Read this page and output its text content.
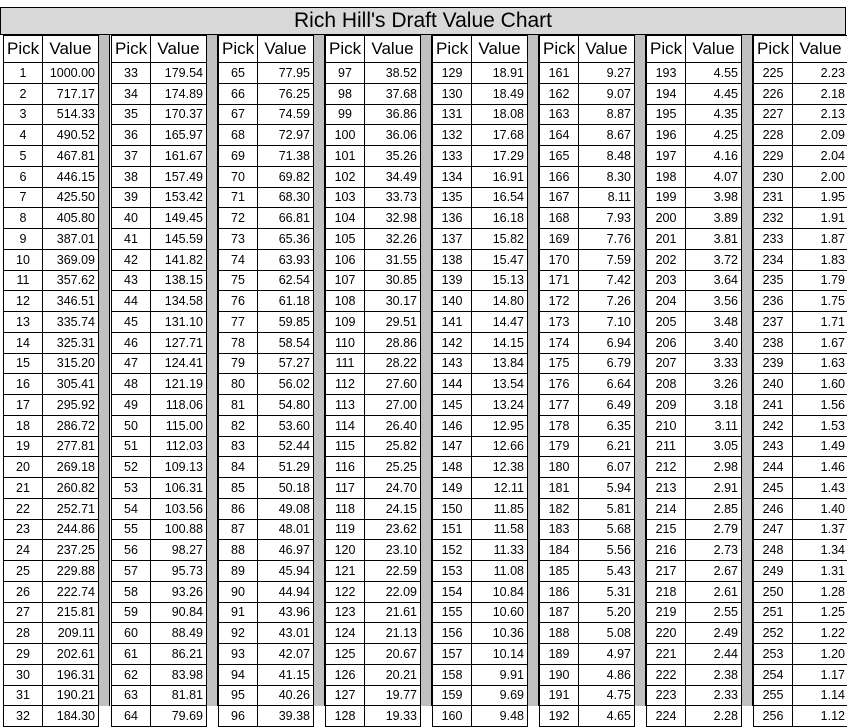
Rich Hill's Draft Value Chart
Pick	Value
1	1000.00
2	717.17
3	514.33
4	490.52
5	467.81
6	446.15
7	425.50
8	405.80
9	387.01
10	369.09
11	357.62
12	346.51
13	335.74
14	325.31
15	315.20
16	305.41
17	295.92
18	286.72
19	277.81
20	269.18
21	260.82
22	252.71
23	244.86
24	237.25
25	229.88
26	222.74
27	215.81
28	209.11
29	202.61
30	196.31
31	190.21
32	184.30
Pick	Value
33	179.54
34	174.89
35	170.37
36	165.97
37	161.67
38	157.49
39	153.42
40	149.45
41	145.59
42	141.82
43	138.15
44	134.58
45	131.10
46	127.71
47	124.41
48	121.19
49	118.06
50	115.00
51	112.03
52	109.13
53	106.31
54	103.56
55	100.88
56	98.27
57	95.73
58	93.26
59	90.84
60	88.49
61	86.21
62	83.98
63	81.81
64	79.69
Pick	Value
65	77.95
66	76.25
67	74.59
68	72.97
69	71.38
70	69.82
71	68.30
72	66.81
73	65.36
74	63.93
75	62.54
76	61.18
77	59.85
78	58.54
79	57.27
80	56.02
81	54.80
82	53.60
83	52.44
84	51.29
85	50.18
86	49.08
87	48.01
88	46.97
89	45.94
90	44.94
91	43.96
92	43.01
93	42.07
94	41.15
95	40.26
96	39.38
Pick	Value
97	38.52
98	37.68
99	36.86
100	36.06
101	35.26
102	34.49
103	33.73
104	32.98
105	32.26
106	31.55
107	30.85
108	30.17
109	29.51
110	28.86
111	28.22
112	27.60
113	27.00
114	26.40
115	25.82
116	25.25
117	24.70
118	24.15
119	23.62
120	23.10
121	22.59
122	22.09
123	21.61
124	21.13
125	20.67
126	20.21
127	19.77
128	19.33
Pick	Value
129	18.91
130	18.49
131	18.08
132	17.68
133	17.29
134	16.91
135	16.54
136	16.18
137	15.82
138	15.47
139	15.13
140	14.80
141	14.47
142	14.15
143	13.84
144	13.54
145	13.24
146	12.95
147	12.66
148	12.38
149	12.11
150	11.85
151	11.58
152	11.33
153	11.08
154	10.84
155	10.60
156	10.36
157	10.14
158	9.91
159	9.69
160	9.48
Pick	Value
161	9.27
162	9.07
163	8.87
164	8.67
165	8.48
166	8.30
167	8.11
168	7.93
169	7.76
170	7.59
171	7.42
172	7.26
173	7.10
174	6.94
175	6.79
176	6.64
177	6.49
178	6.35
179	6.21
180	6.07
181	5.94
182	5.81
183	5.68
184	5.56
185	5.43
186	5.31
187	5.20
188	5.08
189	4.97
190	4.86
191	4.75
192	4.65
Pick	Value
193	4.55
194	4.45
195	4.35
196	4.25
197	4.16
198	4.07
199	3.98
200	3.89
201	3.81
202	3.72
203	3.64
204	3.56
205	3.48
206	3.40
207	3.33
208	3.26
209	3.18
210	3.11
211	3.05
212	2.98
213	2.91
214	2.85
215	2.79
216	2.73
217	2.67
218	2.61
219	2.55
220	2.49
221	2.44
222	2.38
223	2.33
224	2.28
Pick	Value
225	2.23
226	2.18
227	2.13
228	2.09
229	2.04
230	2.00
231	1.95
232	1.91
233	1.87
234	1.83
235	1.79
236	1.75
237	1.71
238	1.67
239	1.63
240	1.60
241	1.56
242	1.53
243	1.49
244	1.46
245	1.43
246	1.40
247	1.37
248	1.34
249	1.31
250	1.28
251	1.25
252	1.22
253	1.20
254	1.17
255	1.14
256	1.12
